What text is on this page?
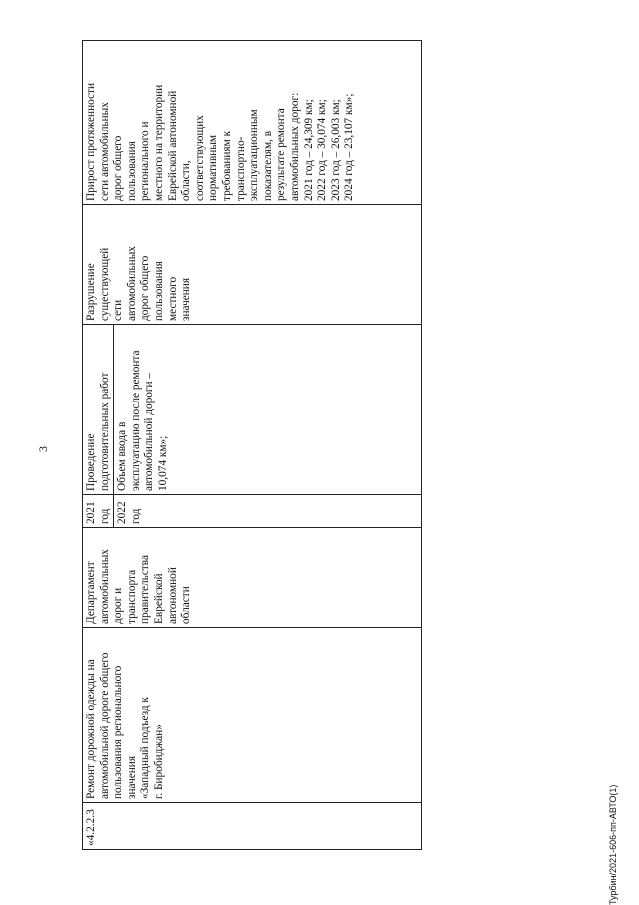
3
Турбин/2021-606-пп-АВТО(1)
«4.2.2.3
Ремонт дорожной одежды на
автомобильной дороге общего
пользования регионального
значения
«Западный подъезд к
г. Биробиджан»
Департамент
автомобильных
дорог и
транспорта
правительства
Еврейской
автономной
области
2021
год 2022
год
Проведение
подготовительных работ
Объем ввода в
эксплуатацию после ремонта
автомобильной дороги –
10,074 км»;
Разрушение
существующей
сети
автомобильных
дорог общего
пользования
местного
значения
Прирост протяженности
сети автомобильных
дорог общего
пользования
регионального и
местного на территории
Еврейской автономной
области,
соответствующих
нормативным
требованиям к
транспортно-
эксплуатационным
показателям, в
результате ремонта
автомобильных дорог:
2021 год – 24,309 км;
2022 год – 30,074 км;
2023 год – 26,003 км;
2024 год – 23,107 км»;
